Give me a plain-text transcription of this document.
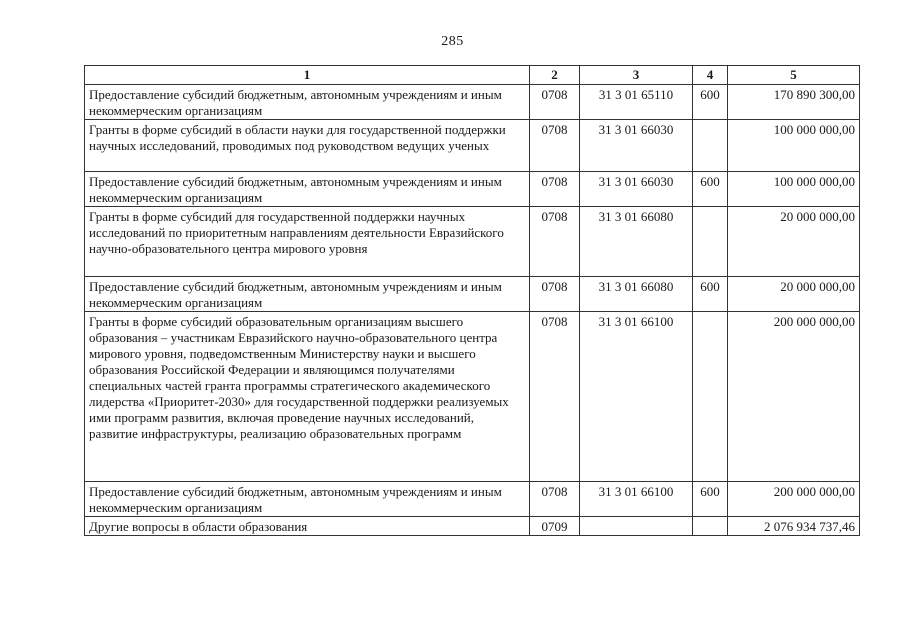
285
1	2	3	4	5
Предоставление субсидий бюджетным, автономным учреждениям и иным некоммерческим организациям	0708	31 3 01 65110	600	170 890 300,00
Гранты в форме субсидий в области науки для государственной поддержки научных исследований, проводимых под руководством ведущих ученых	0708	31 3 01 66030		100 000 000,00
Предоставление субсидий бюджетным, автономным учреждениям и иным некоммерческим организациям	0708	31 3 01 66030	600	100 000 000,00
Гранты в форме субсидий для государственной поддержки научных исследований по приоритетным направлениям деятельности Евразийского научно-образовательного центра мирового уровня	0708	31 3 01 66080		20 000 000,00
Предоставление субсидий бюджетным, автономным учреждениям и иным некоммерческим организациям	0708	31 3 01 66080	600	20 000 000,00
Гранты в форме субсидий образовательным организациям высшего образования – участникам Евразийского научно-образовательного центра мирового уровня, подведомственным Министерству науки и высшего образования Российской Федерации и являющимся получателями специальных частей гранта программы стратегического академического лидерства «Приоритет-2030» для государственной поддержки реализуемых ими программ развития, включая проведение научных исследований, развитие инфраструктуры, реализацию образовательных программ	0708	31 3 01 66100		200 000 000,00
Предоставление субсидий бюджетным, автономным учреждениям и иным некоммерческим организациям	0708	31 3 01 66100	600	200 000 000,00
Другие вопросы в области образования	0709			2 076 934 737,46
